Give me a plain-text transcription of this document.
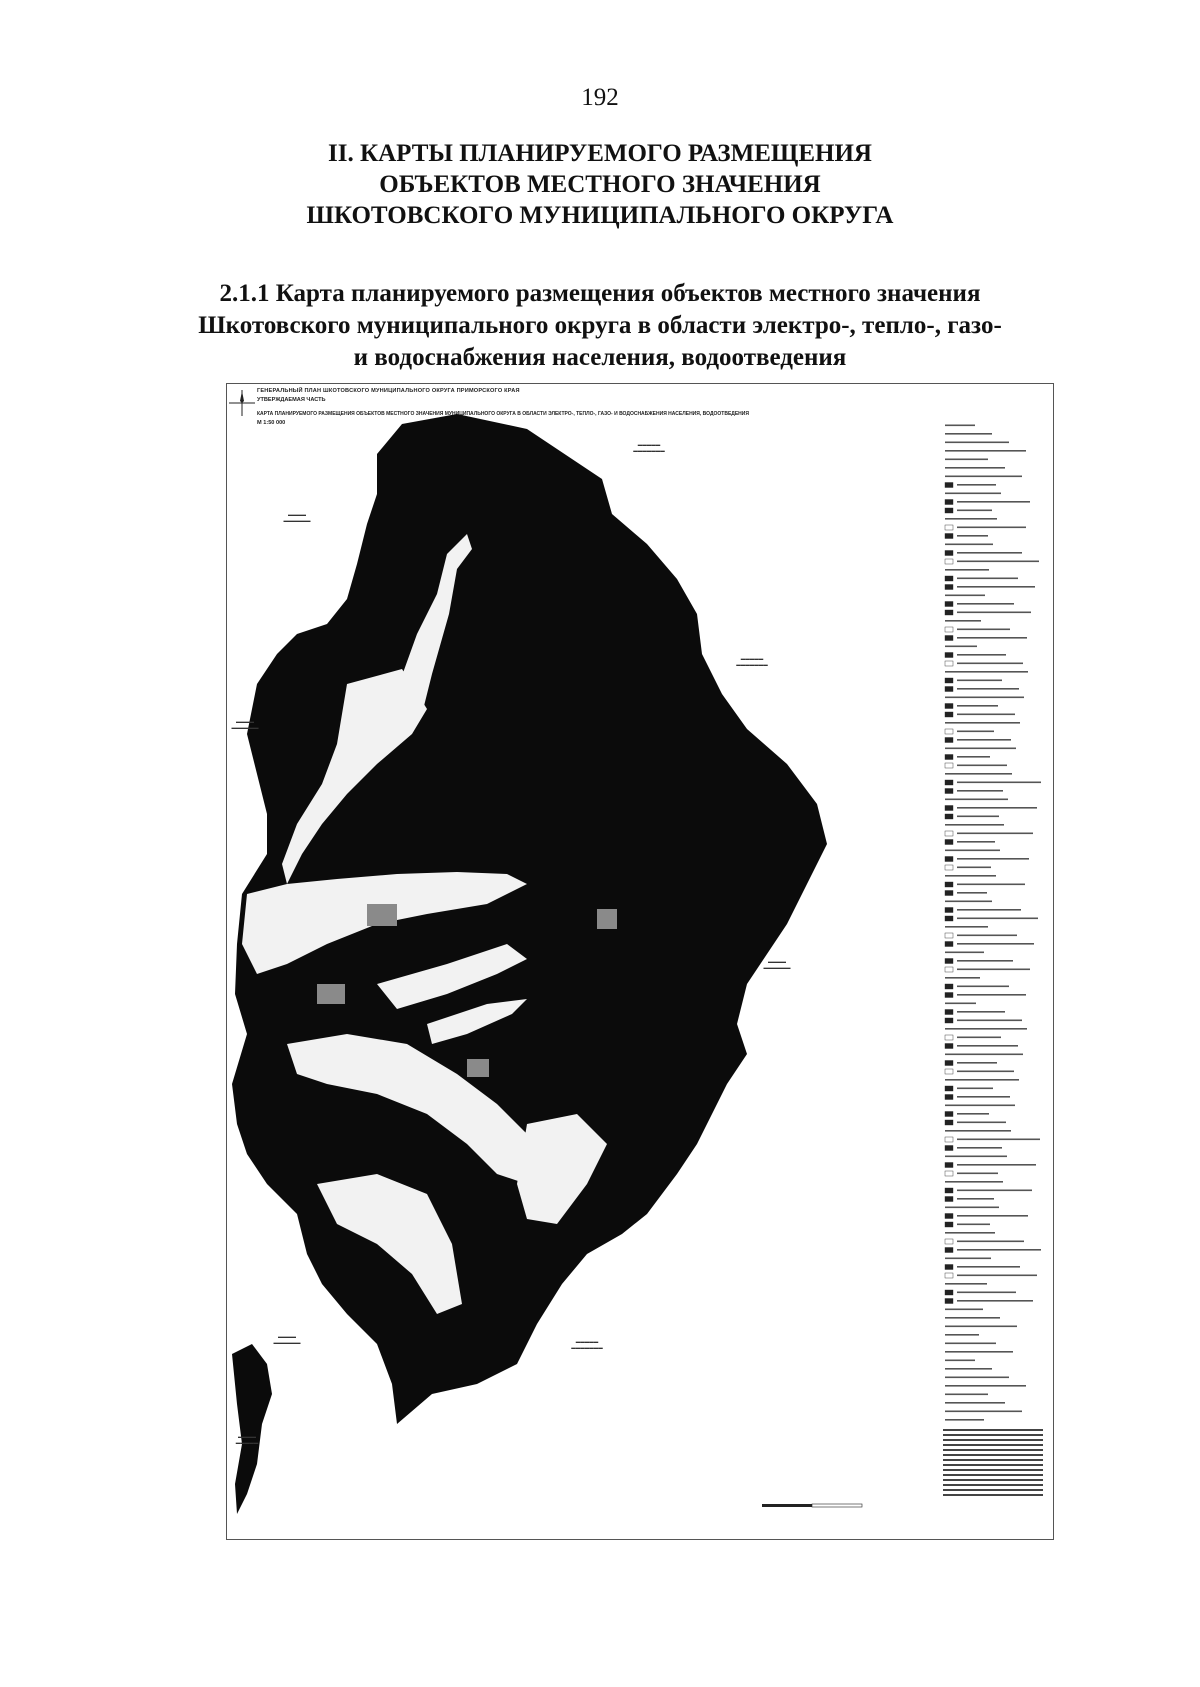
192
II. КАРТЫ ПЛАНИРУЕМОГО РАЗМЕЩЕНИЯ
ОБЪЕКТОВ МЕСТНОГО ЗНАЧЕНИЯ
ШКОТОВСКОГО МУНИЦИПАЛЬНОГО ОКРУГА
2.1.1 Карта планируемого размещения объектов местного значения
Шкотовского муниципального округа в области электро-, тепло-, газо-
и водоснабжения населения, водоотведения
ГЕНЕРАЛЬНЫЙ ПЛАН ШКОТОВСКОГО МУНИЦИПАЛЬНОГО ОКРУГА ПРИМОРСКОГО КРАЯ
УТВЕРЖДАЕМАЯ ЧАСТЬ
КАРТА ПЛАНИРУЕМОГО РАЗМЕЩЕНИЯ ОБЪЕКТОВ МЕСТНОГО ЗНАЧЕНИЯ МУНИЦИПАЛЬНОГО ОКРУГА В ОБЛАСТИ ЭЛЕКТРО-, ТЕПЛО-, ГАЗО- И ВОДОСНАБЖЕНИЯ НАСЕЛЕНИЯ, ВОДООТВЕДЕНИЯ
М 1:50 000
▬▬▬▬▬
▬▬▬▬▬▬▬
▬▬▬▬
▬▬▬▬▬▬
▬▬▬▬▬
▬▬▬▬▬▬▬
▬▬▬▬
▬▬▬▬▬▬
▬▬▬▬
▬▬▬▬▬▬
▬▬▬▬
▬▬▬▬▬▬	▬▬▬▬▬
▬▬▬▬▬▬▬
▬▬▬▬
▬▬▬▬▬
